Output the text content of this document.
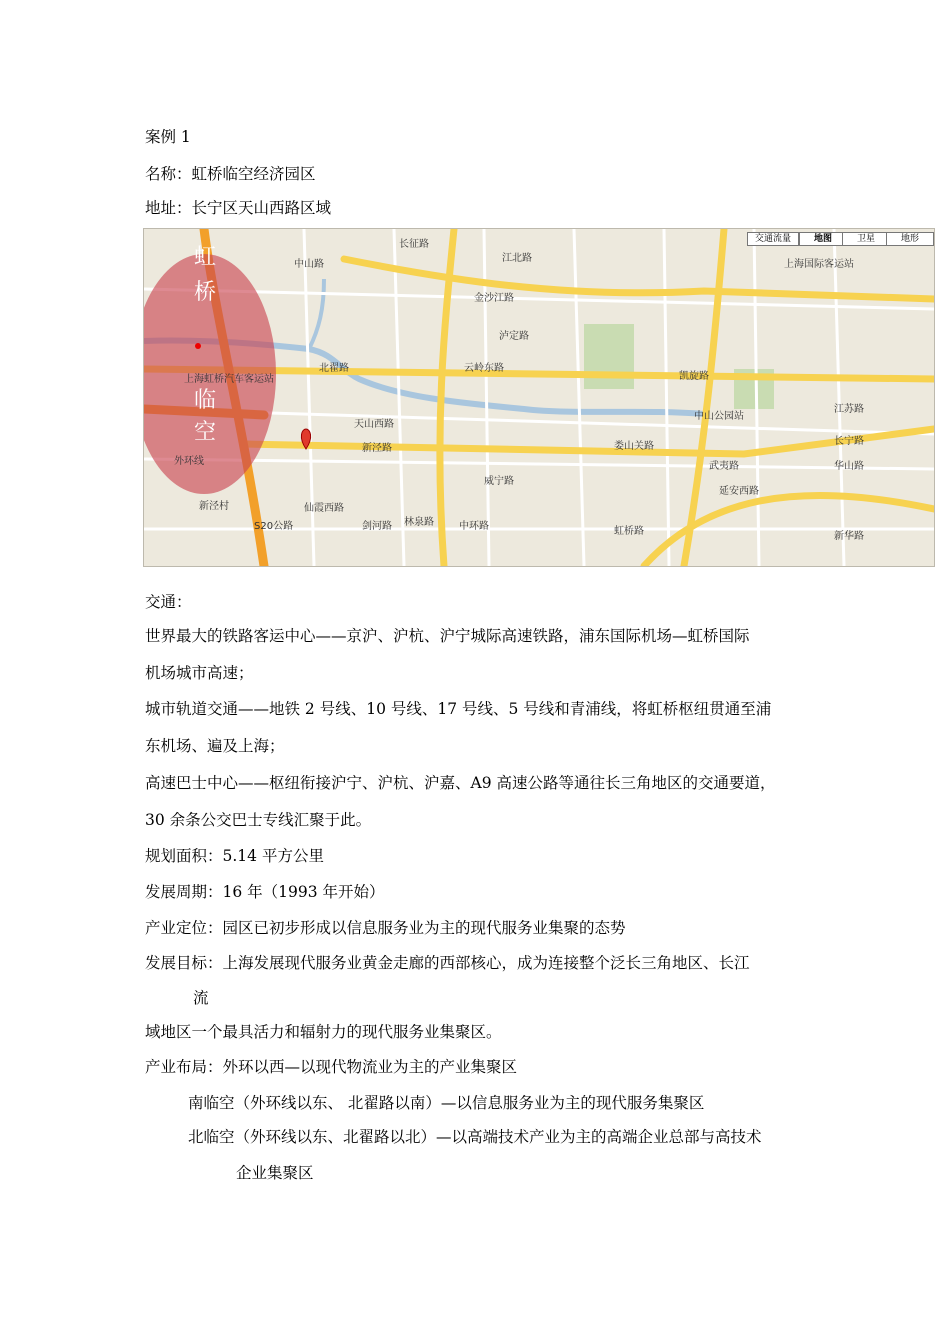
案例 1
名称：虹桥临空经济园区
地址：长宁区天山西路区域
虹
桥
临
空
中山路
长征路
江北路
金沙江路
泸定路
云岭东路
北翟路
天山西路
新泾路
仙霞西路
剑河路 林泉路	中环路
威宁路
娄山关路
武夷路
延安西路
虹桥路
凯旋路
长宁路
江苏路
华山路
新泾村
新华路
中山公园站
上海国际客运站
外环线
S20公路
上海虹桥汽车客运站
交通流量	地图	卫星	地形
交通：
世界最大的铁路客运中心——京沪、沪杭、沪宁城际高速铁路，浦东国际机场—虹桥国际
机场城市高速；
城市轨道交通——地铁 2 号线、10 号线、17 号线、5 号线和青浦线，将虹桥枢纽贯通至浦
东机场、遍及上海；
高速巴士中心——枢纽衔接沪宁、沪杭、沪嘉、A9 高速公路等通往长三角地区的交通要道，
30 余条公交巴士专线汇聚于此。
规划面积：5.14 平方公里
发展周期：16 年（1993 年开始）
产业定位：园区已初步形成以信息服务业为主的现代服务业集聚的态势
发展目标：上海发展现代服务业黄金走廊的西部核心，成为连接整个泛长三角地区、长江
流
域地区一个最具活力和辐射力的现代服务业集聚区。
产业布局：外环以西—以现代物流业为主的产业集聚区
南临空（外环线以东、 北翟路以南）—以信息服务业为主的现代服务集聚区
北临空（外环线以东、北翟路以北）—以高端技术产业为主的高端企业总部与高技术
企业集聚区
